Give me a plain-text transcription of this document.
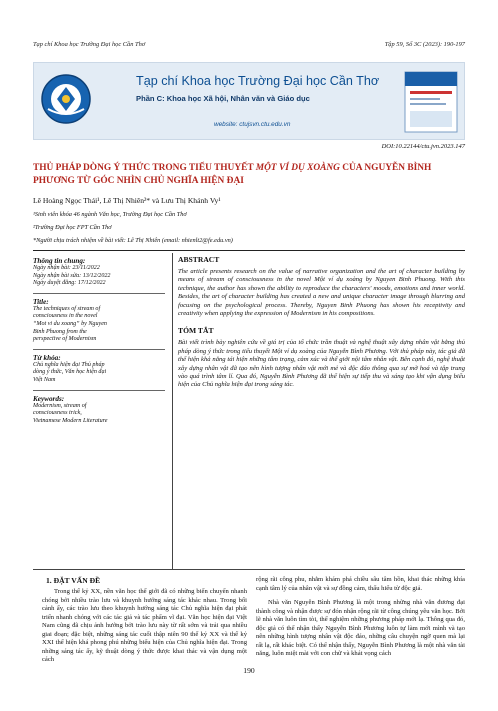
Tạp chí Khoa học Trường Đại học Cần Thơ	Tập 59, Số 3C (2023): 190-197
Tạp chí Khoa học Trường Đại học Cần Thơ
Phần C: Khoa học Xã hội, Nhân văn và Giáo dục
website: ctujsvn.ctu.edu.vn
DOI:10.22144/ctu.jvn.2023.147
THỦ PHÁP DÒNG Ý THỨC TRONG TIỂU THUYẾT MỘT VÍ DỤ XOÀNG CỦA NGUYỄN BÌNH PHƯƠNG TỪ GÓC NHÌN CHỦ NGHĨA HIỆN ĐẠI
Lê Hoàng Ngọc Thái¹, Lê Thị Nhiên²* và Lưu Thị Khánh Vy¹
¹Sinh viên khóa 46 ngành Văn học, Trường Đại học Cần Thơ
²Trường Đại học FPT Cần Thơ
*Người chịu trách nhiệm về bài viết: Lê Thị Nhiên (email: nhienlt2@fe.edu.vn)
Thông tin chung:
Ngày nhận bài: 23/11/2022
Ngày nhận bài sửa: 13/12/2022
Ngày duyệt đăng: 17/12/2022
Title:
The techniques of stream of
consciousness in the novel
“Mot vi du xoang” by Nguyen
Binh Phuong from the
perspective of Modernism
Từ khóa:
Chủ nghĩa hiện đại Thủ pháp
dòng ý thức, Văn học hiện đại
Việt Nam
Keywords:
Modernism, stream of
consciousness trick,
Vietnamese Modern Literature
ABSTRACT
The article presents research on the value of narrative organization and the art of character building by means of stream of consciousness in the novel Một ví dụ xoàng by Nguyen Binh Phuong. With this technique, the author has shown the ability to reproduce the characters' moods, emotions and inner world. Besides, the art of character building has created a new and unique character image through blurring and focusing on the psychological process. Thereby, Nguyen Binh Phuong has shown his receptivity and creativity when applying the expression of Modernism in his compositions.
TÓM TẮT
Bài viết trình bày nghiên cứu về giá trị của tổ chức trần thuật và nghệ thuật xây dựng nhân vật bằng thủ pháp dòng ý thức trong tiểu thuyết Một ví dụ xoàng của Nguyễn Bình Phương. Với thủ pháp này, tác giả đã thể hiện khả năng tái hiện những tâm trạng, cảm xúc và thế giới nội tâm nhân vật. Bên cạnh đó, nghệ thuật xây dựng nhân vật đã tạo nên hình tượng nhân vật mới mẻ và độc đáo thông qua sự mờ hoá và tập trung vào quá trình tâm lí. Qua đó, Nguyễn Bình Phương đã thể hiện sự tiếp thu và sáng tạo khi vận dụng biểu hiện của Chủ nghĩa hiện đại trong sáng tác.
1. ĐẶT VẤN ĐỀ
Trong thế kỷ XX, nền văn học thế giới đã có những biến chuyển nhanh chóng bởi nhiều trào lưu và khuynh hướng sáng tác khác nhau. Trong bối cảnh ấy, các trào lưu theo khuynh hướng sáng tác Chủ nghĩa hiện đại phát triển nhanh chóng với các tác giả và tác phẩm vĩ đại. Văn học hiện đại Việt Nam cũng đã chịu ảnh hưởng bởi trào lưu này từ rất sớm và trải qua nhiều giai đoạn; đặc biệt, những sáng tác cuối thập niên 90 thế kỷ XX và thế kỷ XXI thể hiện khá phong phú những biểu hiện của Chủ nghĩa hiện đại. Trong những sáng tác ấy, kỹ thuật dòng ý thức được khai thác và vận dụng một cách
rộng rãi công phu, nhằm khám phá chiều sâu tâm hồn, khai thác những khía cạnh tâm lý của nhân vật và sự đồng cảm, thấu hiểu từ độc giả.
Nhà văn Nguyễn Bình Phương là một trong những nhà văn đương đại thành công và nhận được sự đón nhận rộng rãi từ công chúng yêu văn học. Bởi lẽ nhà văn luôn tìm tòi, thể nghiệm những phương pháp mới lạ. Thông qua đó, độc giả có thể nhận thấy Nguyễn Bình Phương luôn tự làm mới mình và tạo nên những hình tượng nhân vật độc đáo, những câu chuyện ngỡ quen mà lại rất lạ, rất khác biệt. Có thể nhận thấy, Nguyễn Bình Phương là một nhà văn tài năng, luôn miệt mài với con chữ và khát vọng cách
190
